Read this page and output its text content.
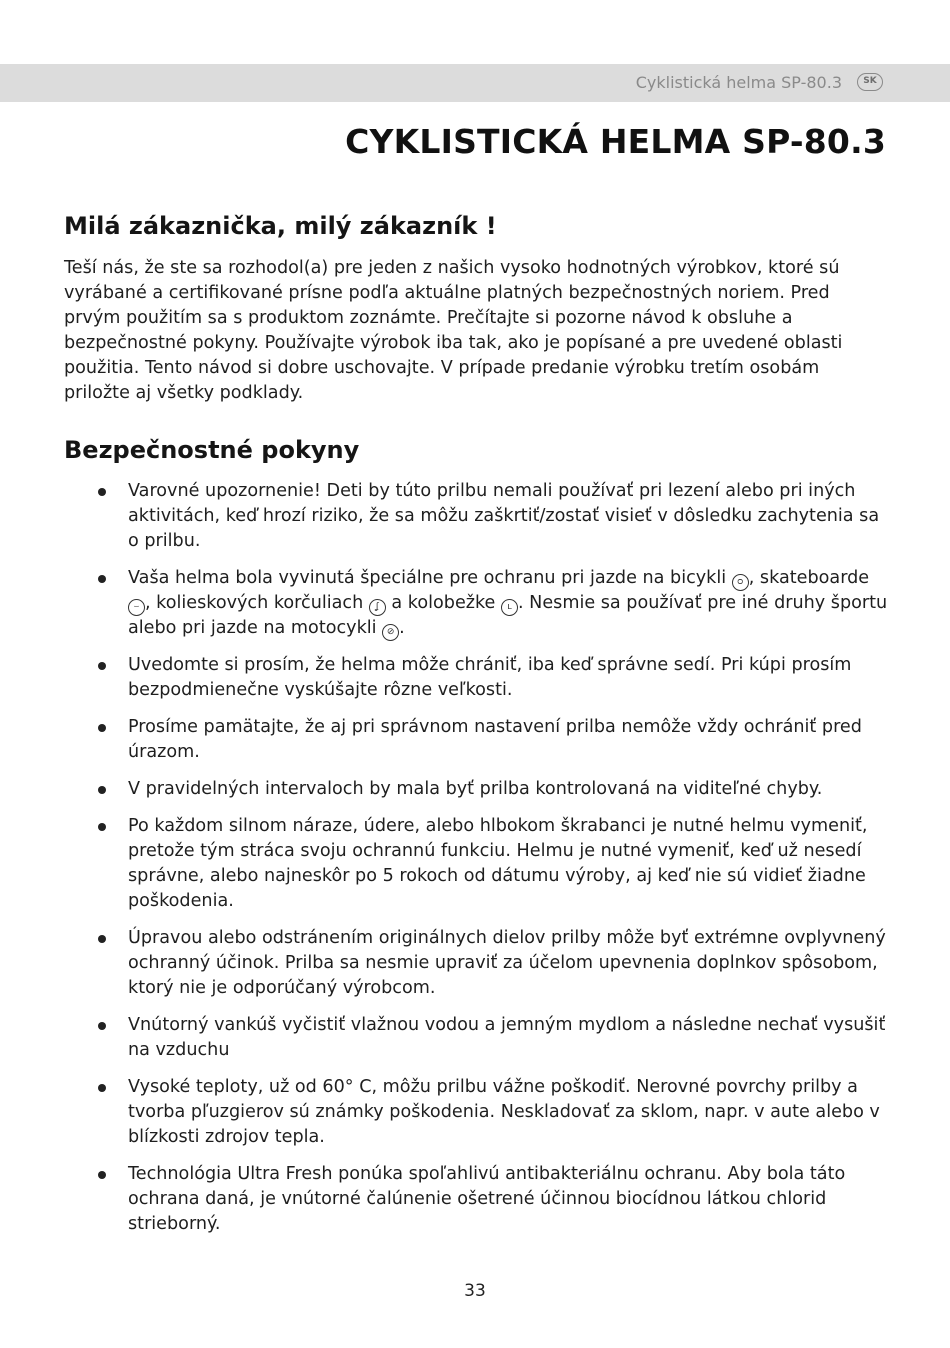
Cyklistická helma SP-80.3	SK
CYKLISTICKÁ HELMA SP-80.3
Milá zákaznička, milý zákazník !

Teší nás, že ste sa rozhodol(a) pre jeden z našich vysoko hodnotných výrobkov, ktoré sú vyrábané a certifikované prísne podľa aktuálne platných bezpečnostných noriem. Pred prvým použitím sa s produktom zoznámte. Prečítajte si pozorne návod k obsluhe a bezpečnostné pokyny. Používajte výrobok iba tak, ako je popísané a pre uvedené oblasti použitia. Tento návod si dobre uschovajte. V prípade predanie výrobku tretím osobám priložte aj všetky podklady.

Bezpečnostné pokyny
Varovné upozornenie! Deti by túto prilbu nemali používať pri lezení alebo pri iných aktivitách, keď hrozí riziko, že sa môžu zaškrtiť/zostať visieť v dôsledku zachytenia sa o prilbu.
Vaša helma bola vyvinutá špeciálne pre ochranu pri jazde na bicykli ᴑ , skateboarde ⌣ , kolieskových korčuliach ʆ a kolobežke ʟ . Nesmie sa používať pre iné druhy športu alebo pri jazde na motocykli ⊘ .
Uvedomte si prosím, že helma môže chrániť, iba keď správne sedí. Pri kúpi prosím bezpodmienečne vyskúšajte rôzne veľkosti.
Prosíme pamätajte, že aj pri správnom nastavení prilba nemôže vždy ochrániť pred úrazom.
V pravidelných intervaloch by mala byť prilba kontrolovaná na viditeľné chyby.
Po každom silnom náraze, údere, alebo hlbokom škrabanci je nutné helmu vymeniť, pretože tým stráca svoju ochrannú funkciu. Helmu je nutné vymeniť, keď už nesedí správne, alebo najneskôr po 5 rokoch od dátumu výroby, aj keď nie sú vidieť žiadne poškodenia.
Úpravou alebo odstránením originálnych dielov prilby môže byť extrémne ovplyvnený ochranný účinok. Prilba sa nesmie upraviť za účelom upevnenia doplnkov spôsobom, ktorý nie je odporúčaný výrobcom.
Vnútorný vankúš vyčistiť vlažnou vodou a jemným mydlom a následne nechať vysušiť na vzduchu
Vysoké teploty, už od 60° C, môžu prilbu vážne poškodiť. Nerovné povrchy prilby a tvorba pľuzgierov sú známky poškodenia. Neskladovať za sklom, napr. v aute alebo v blízkosti zdrojov tepla.
Technológia Ultra Fresh ponúka spoľahlivú antibakteriálnu ochranu. Aby bola táto ochrana daná, je vnútorné čalúnenie ošetrené účinnou biocídnou látkou chlorid strieborný.
33
